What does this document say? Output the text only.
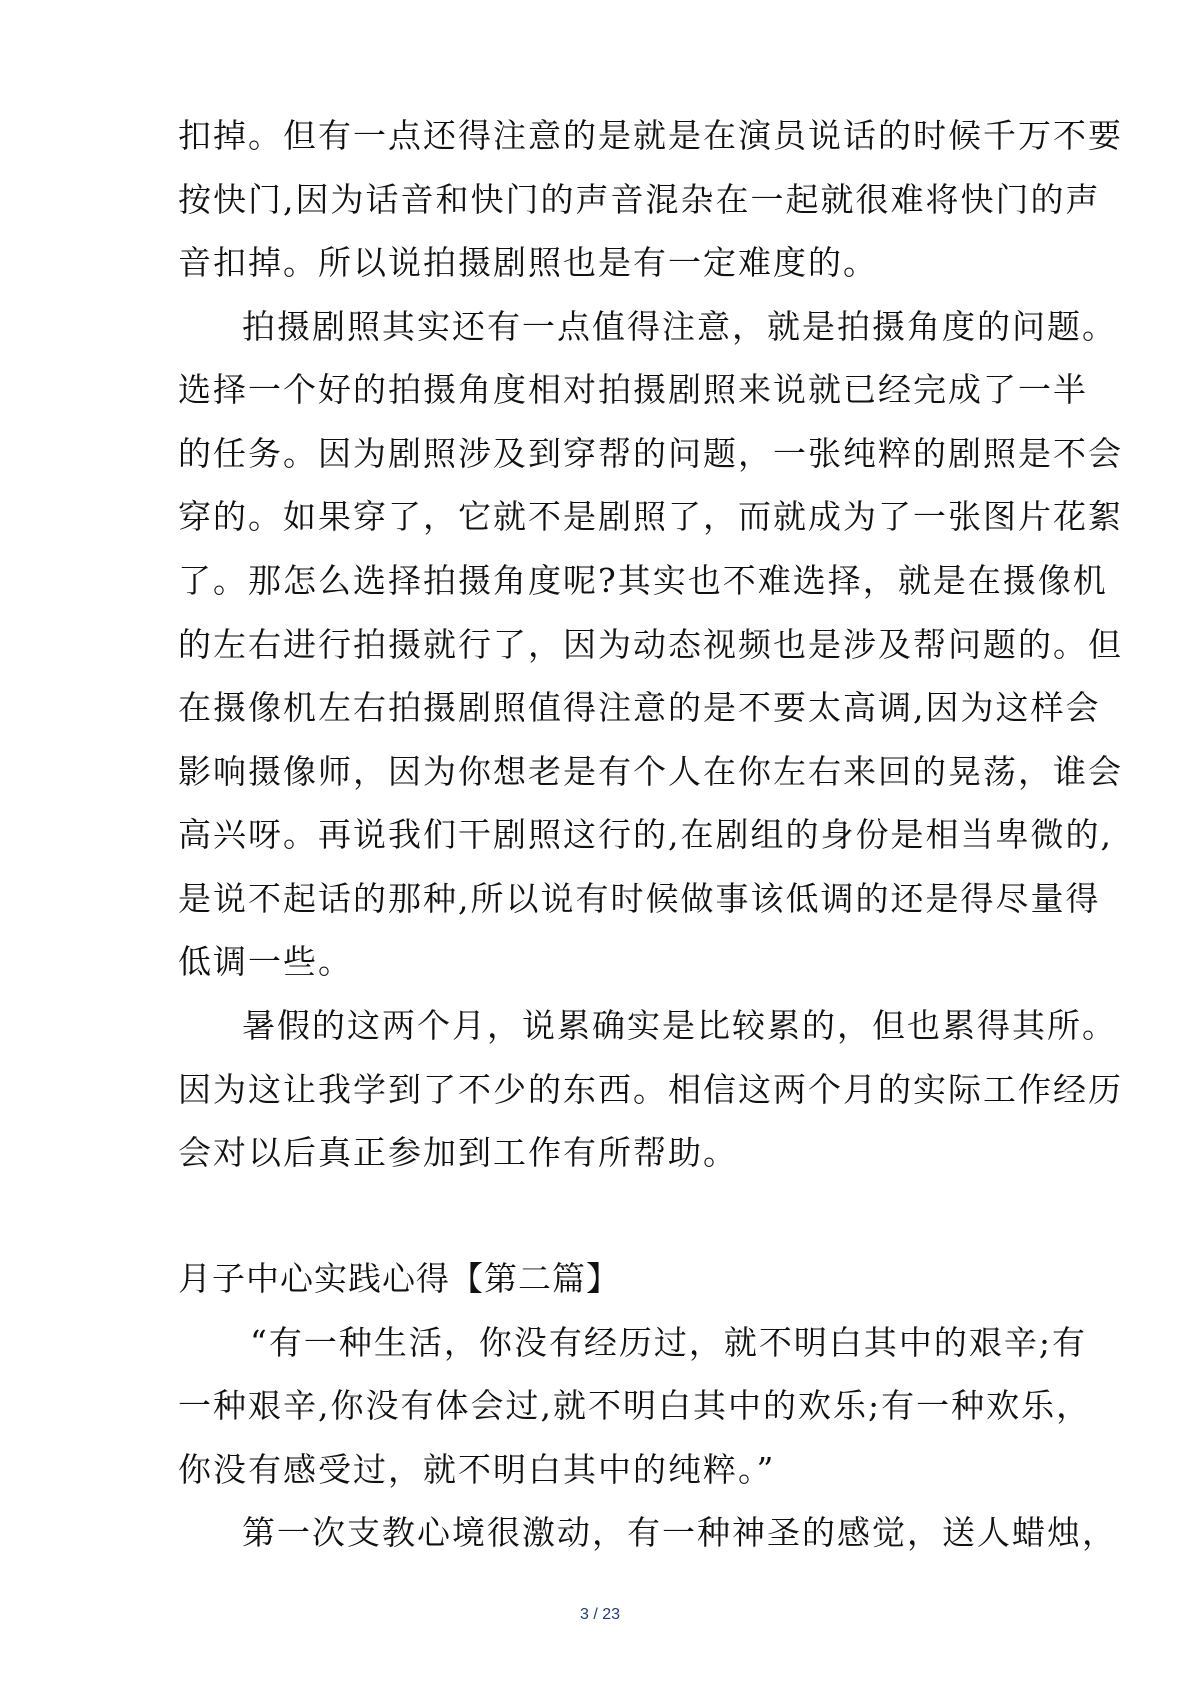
扣掉。但有一点还得注意的是就是在演员说话的时候千万不要
按快门,因为话音和快门的声音混杂在一起就很难将快门的声
音扣掉。所以说拍摄剧照也是有一定难度的。
拍摄剧照其实还有一点值得注意，就是拍摄角度的问题。
选择一个好的拍摄角度相对拍摄剧照来说就已经完成了一半
的任务。因为剧照涉及到穿帮的问题，一张纯粹的剧照是不会
穿的。如果穿了，它就不是剧照了，而就成为了一张图片花絮
了。那怎么选择拍摄角度呢?其实也不难选择，就是在摄像机
的左右进行拍摄就行了，因为动态视频也是涉及帮问题的。但
在摄像机左右拍摄剧照值得注意的是不要太高调,因为这样会
影响摄像师，因为你想老是有个人在你左右来回的晃荡，谁会
高兴呀。再说我们干剧照这行的,在剧组的身份是相当卑微的,
是说不起话的那种,所以说有时候做事该低调的还是得尽量得
低调一些。
暑假的这两个月，说累确实是比较累的，但也累得其所。
因为这让我学到了不少的东西。相信这两个月的实际工作经历
会对以后真正参加到工作有所帮助。
月子中心实践心得【第二篇】
“有一种生活，你没有经历过，就不明白其中的艰辛;有
一种艰辛,你没有体会过,就不明白其中的欢乐;有一种欢乐，
你没有感受过，就不明白其中的纯粹。”
第一次支教心境很激动，有一种神圣的感觉，送人蜡烛，
3 / 23
